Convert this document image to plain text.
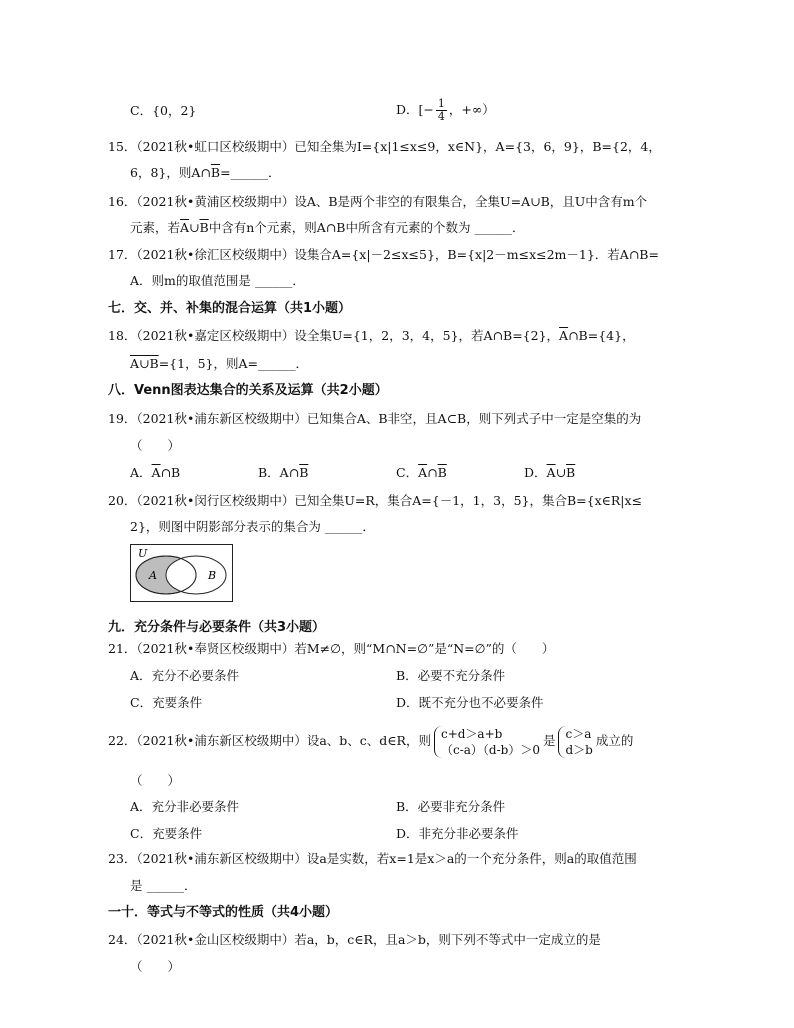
C．{0，2}	D．[− $\frac{1}{4}$ ，+∞）
15．（2021秋•虹口区校级期中）已知全集为I={x|1≤x≤9，x∈N}，A={3，6，9}，B={2，4，
6，8}，则$A\cap\overline{B}=\_\_\_\_\_\_$．
16．（2021秋•黄浦区校级期中）设A、B是两个非空的有限集合，全集U=A∪B，且U中含有m个
元素，若$\overline{A}\cup\overline{B}$中含有n个元素，则A∩B中所含有元素的个数为 ______．
17．（2021秋•徐汇区校级期中）设集合A={x|－2≤x≤5}，B={x|2－m≤x≤2m－1}．若A∩B=
A．则m的取值范围是 ______．
七．交、并、补集的混合运算（共1小题）
18．（2021秋•嘉定区校级期中）设全集U={1，2，3，4，5}，若A∩B={2}，$\overline{A}\cap B=\{4\}$，
A∪B={1，5}，则A=______．
八．Venn图表达集合的关系及运算（共2小题）
19．（2021秋•浦东新区校级期中）已知集合A、B非空，且A⊂B，则下列式子中一定是空集的为
（　　）
A．$\overline{A}\cap B$	B．$A\cap\overline{B}$	C．$\overline{A}\cap\overline{B}$	D．$\overline{A}\cup\overline{B}$
20．（2021秋•闵行区校级期中）已知全集U=R，集合A={－1，1，3，5}，集合B={x∈R|x≤
2}，则图中阴影部分表示的集合为 ______．
U
A	B
九．充分条件与必要条件（共3小题）
21．（2021秋•奉贤区校级期中）若M≠∅，则“M∩N=∅”是“N=∅”的（　　）
A．充分不必要条件	B．必要不充分条件
C．充要条件	D．既不充分也不必要条件
22．（2021秋•浦东新区校级期中）设a、b、c、d∈R，则 c+d＞a+b
（c-a）（d-b）＞0
是 c＞a
d＞b
成立的
（　　）
A．充分非必要条件	B．必要非充分条件
C．充要条件	D．非充分非必要条件
23．（2021秋•浦东新区校级期中）设a是实数，若x=1是x＞a的一个充分条件，则a的取值范围
是 ______．
一十．等式与不等式的性质（共4小题）
24．（2021秋•金山区校级期中）若a，b，c∈R，且a＞b，则下列不等式中一定成立的是
（　　）
